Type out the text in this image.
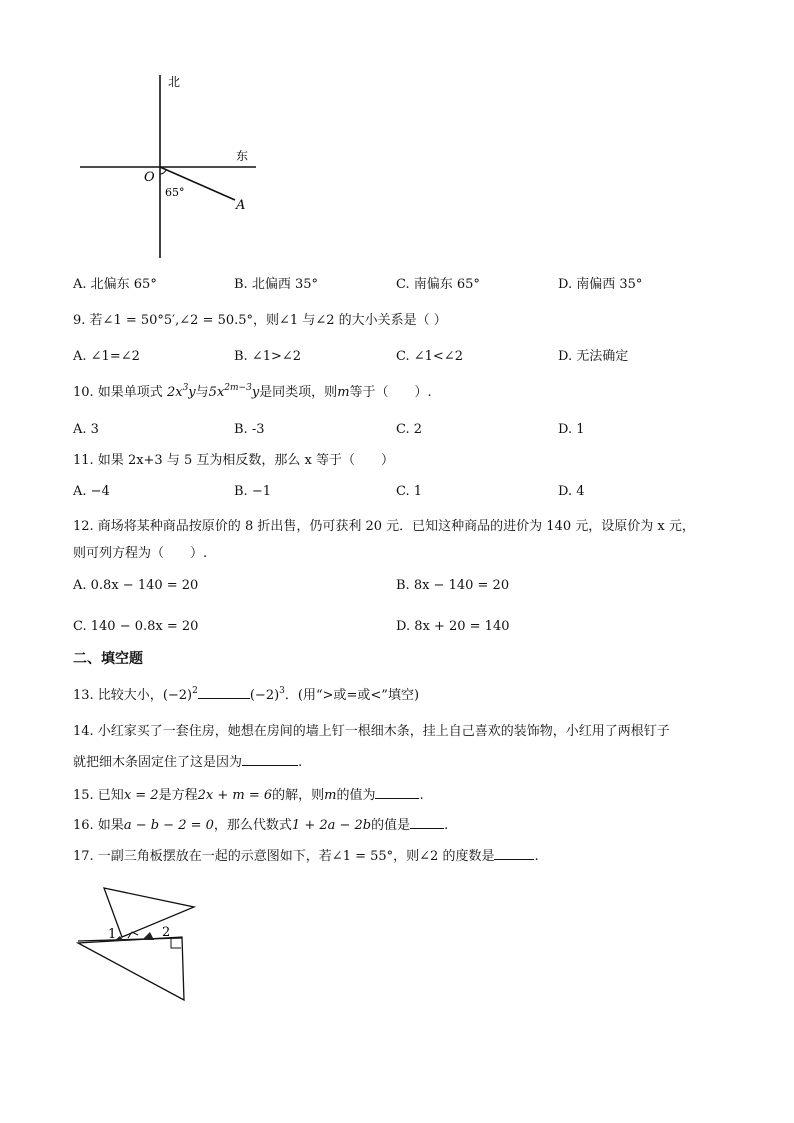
北
东
O
65°
A
A. 北偏东 65°	B. 北偏西 35°	C. 南偏东 65°	D. 南偏西 35°
9. 若∠1 = 50°5′,∠2 = 50.5°，则∠1 与∠2 的大小关系是（ ）
A. ∠1=∠2	B. ∠1>∠2	C. ∠1<∠2	D. 无法确定
10. 如果单项式 $2x^3y$与$5x^{2m-3}y$是同类项，则m等于（　　）.
A. 3	B. -3	C. 2	D. 1
11. 如果 2x+3 与 5 互为相反数，那么 x 等于（　　）
A. −4	B. −1	C. 1	D. 4
12. 商场将某种商品按原价的 8 折出售，仍可获利 20 元．已知这种商品的进价为 140 元，设原价为 x 元，
则可列方程为（　　）.
A. 0.8x − 140 = 20	B. 8x − 140 = 20
C. 140 − 0.8x = 20	D. 8x + 20 = 140
二、填空题
13. 比较大小，$(-2)^2$	$(-2)^3$．(用“>或=或<”填空)
14. 小红家买了一套住房，她想在房间的墙上钉一根细木条，挂上自己喜欢的装饰物，小红用了两根钉子
就把细木条固定住了这是因为	.
15. 已知x = 2是方程2x + m = 6的解，则m的值为	.
16. 如果a − b − 2 = 0，那么代数式1 + 2a − 2b的值是	.
17. 一副三角板摆放在一起的示意图如下，若∠1 = 55°，则∠2 的度数是	.
1	2
